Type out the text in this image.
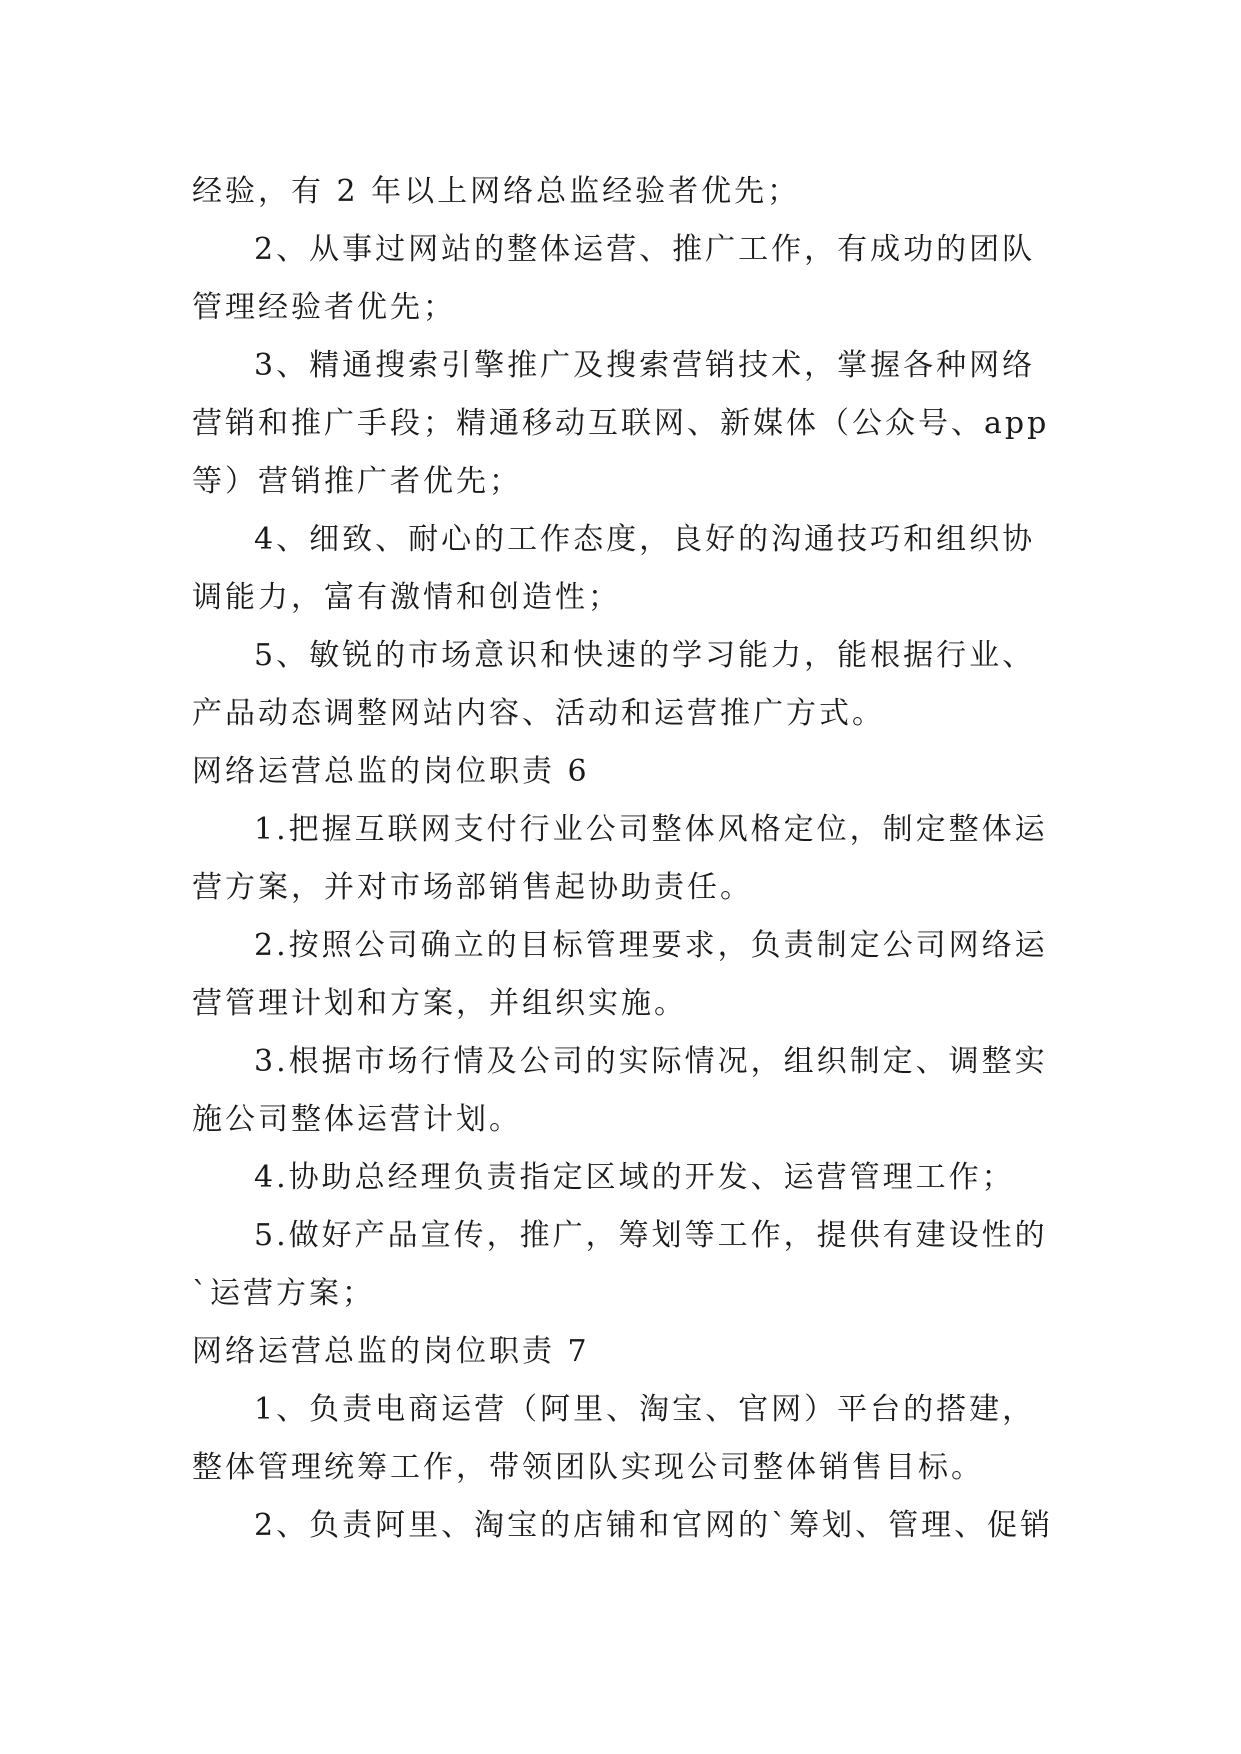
经验，有 2 年以上网络总监经验者优先；
2、从事过网站的整体运营、推广工作，有成功的团队
管理经验者优先；
3、精通搜索引擎推广及搜索营销技术，掌握各种网络
营销和推广手段；精通移动互联网、新媒体（公众号、app
等）营销推广者优先；
4、细致、耐心的工作态度，良好的沟通技巧和组织协
调能力，富有激情和创造性；
5、敏锐的市场意识和快速的学习能力，能根据行业、
产品动态调整网站内容、活动和运营推广方式。
网络运营总监的岗位职责 6
1.把握互联网支付行业公司整体风格定位，制定整体运
营方案，并对市场部销售起协助责任。
2.按照公司确立的目标管理要求，负责制定公司网络运
营管理计划和方案，并组织实施。
3.根据市场行情及公司的实际情况，组织制定、调整实
施公司整体运营计划。
4.协助总经理负责指定区域的开发、运营管理工作；
5.做好产品宣传，推广，筹划等工作，提供有建设性的
`运营方案；
网络运营总监的岗位职责 7
1、负责电商运营（阿里、淘宝、官网）平台的搭建，
整体管理统筹工作，带领团队实现公司整体销售目标。
2、负责阿里、淘宝的店铺和官网的`筹划、管理、促销
